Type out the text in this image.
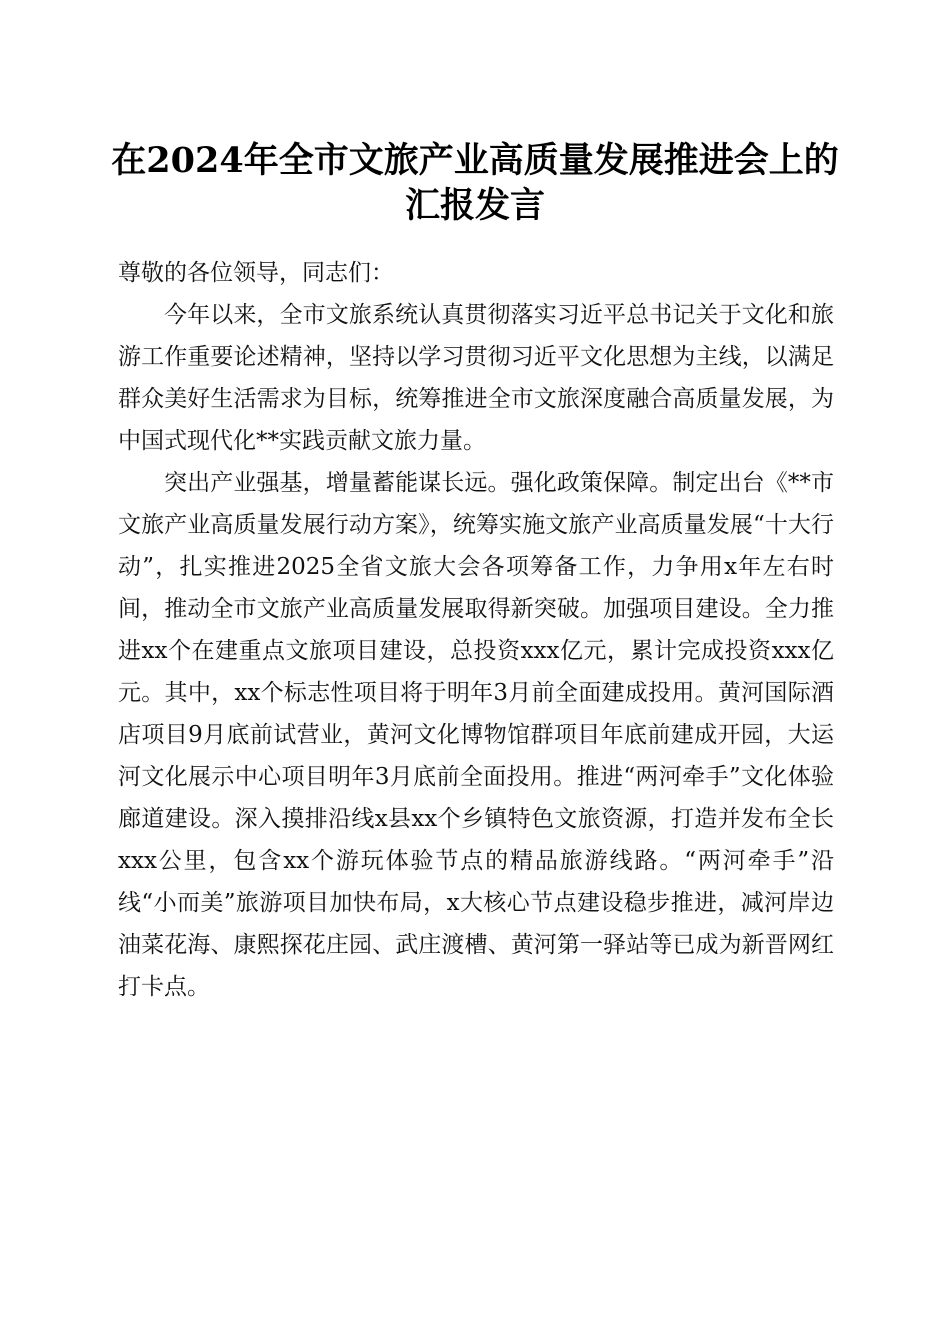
在2024年全市文旅产业高质量发展推进会上的汇报发言

尊敬的各位领导，同志们：

今年以来，全市文旅系统认真贯彻落实习近平总书记关于文化和旅游工作重要论述精神，坚持以学习贯彻习近平文化思想为主线，以满足群众美好生活需求为目标，统筹推进全市文旅深度融合高质量发展，为中国式现代化**实践贡献文旅力量。

突出产业强基，增量蓄能谋长远。强化政策保障。制定出台《**市文旅产业高质量发展行动方案》，统筹实施文旅产业高质量发展“十大行动”，扎实推进2025全省文旅大会各项筹备工作，力争用x年左右时间，推动全市文旅产业高质量发展取得新突破。加强项目建设。全力推进xx个在建重点文旅项目建设，总投资xxx亿元，累计完成投资xxx亿元。其中，xx个标志性项目将于明年3月前全面建成投用。黄河国际酒店项目9月底前试营业，黄河文化博物馆群项目年底前建成开园，大运河文化展示中心项目明年3月底前全面投用。推进“两河牵手”文化体验廊道建设。深入摸排沿线x县xx个乡镇特色文旅资源，打造并发布全长xxx公里，包含xx个游玩体验节点的精品旅游线路。“两河牵手”沿线“小而美”旅游项目加快布局，x大核心节点建设稳步推进，减河岸边油菜花海、康熙探花庄园、武庄渡槽、黄河第一驿站等已成为新晋网红打卡点。
